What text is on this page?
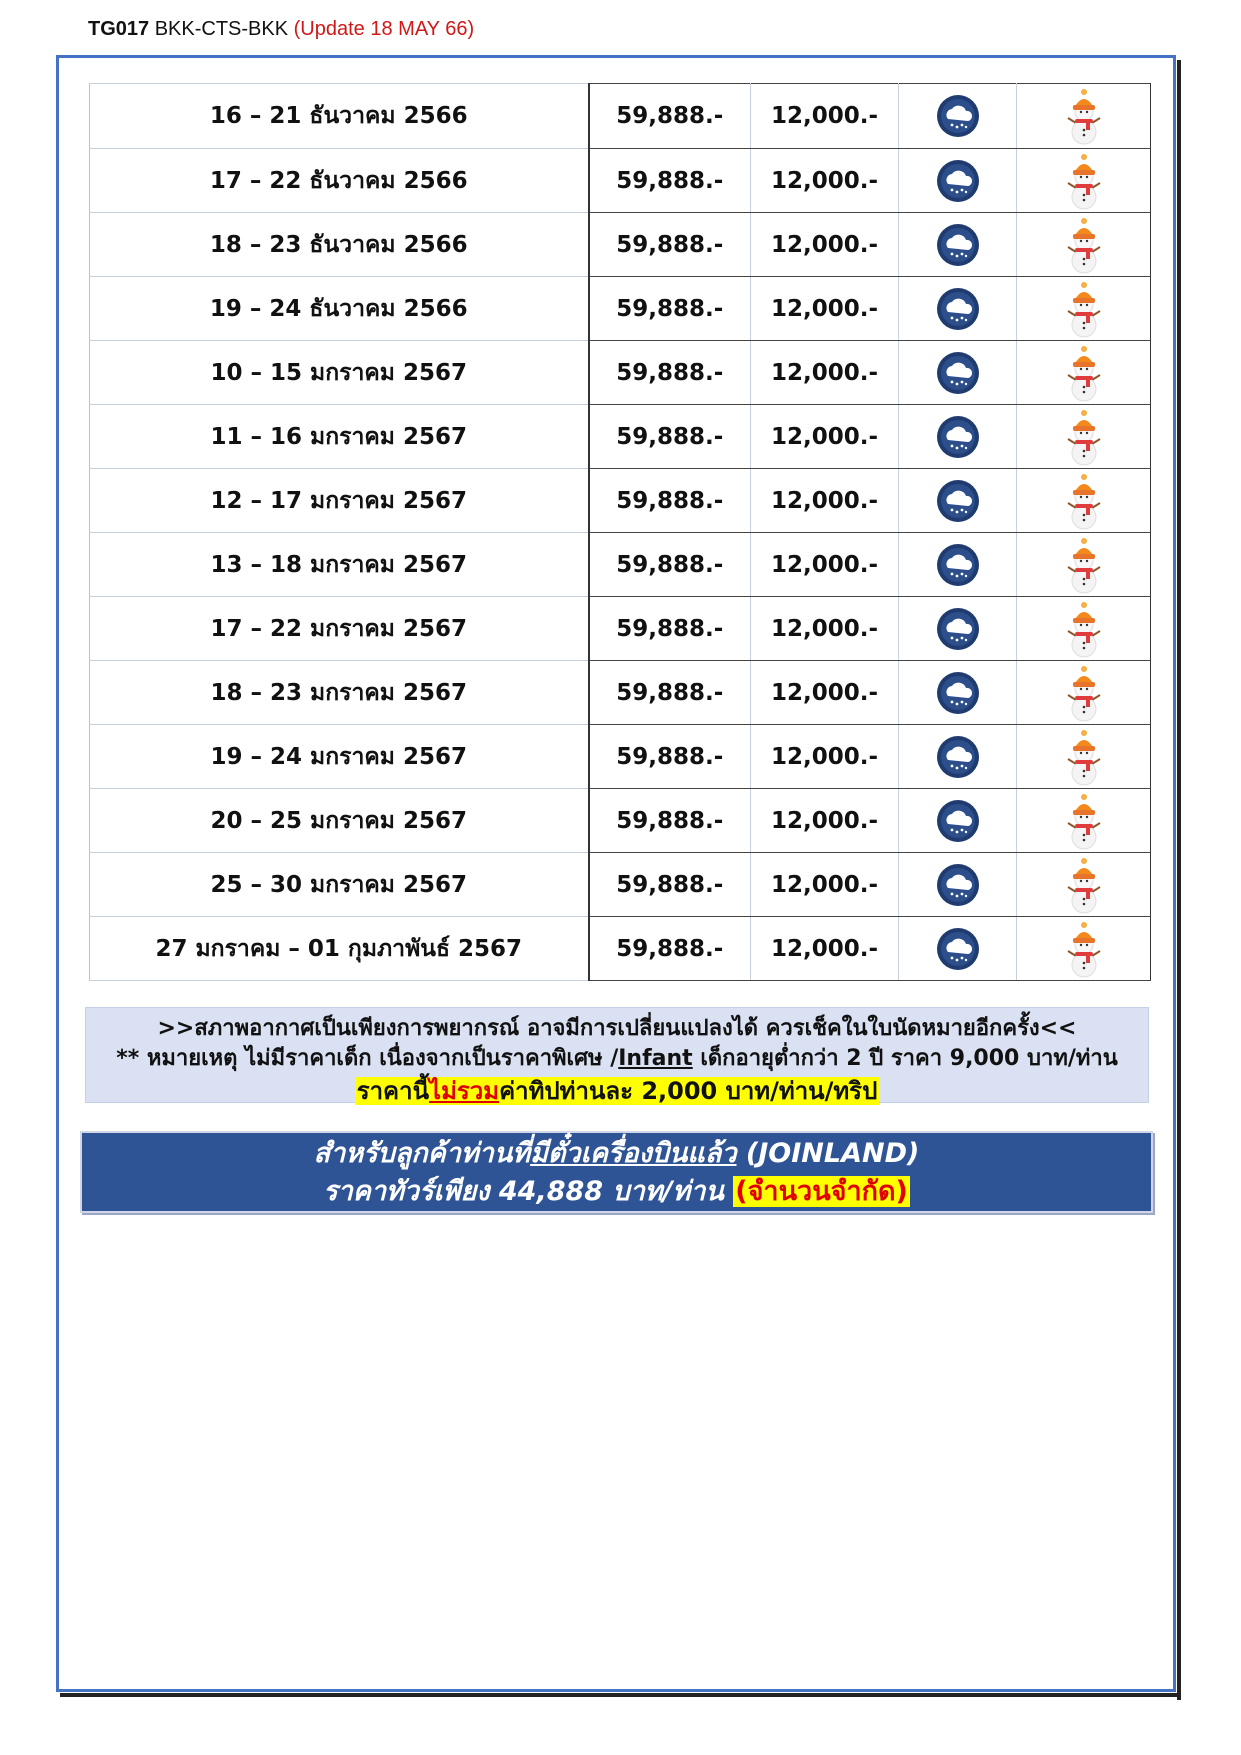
TG017 BKK-CTS-BKK (Update 18 MAY 66)
16 – 21 ธันวาคม 2566	59,888.-	12,000.-		
17 – 22 ธันวาคม 2566	59,888.-	12,000.-		
18 – 23 ธันวาคม 2566	59,888.-	12,000.-		
19 – 24 ธันวาคม 2566	59,888.-	12,000.-		
10 – 15 มกราคม 2567	59,888.-	12,000.-		
11 – 16 มกราคม 2567	59,888.-	12,000.-		
12 – 17 มกราคม 2567	59,888.-	12,000.-		
13 – 18 มกราคม 2567	59,888.-	12,000.-		
17 – 22 มกราคม 2567	59,888.-	12,000.-		
18 – 23 มกราคม 2567	59,888.-	12,000.-		
19 – 24 มกราคม 2567	59,888.-	12,000.-		
20 – 25 มกราคม 2567	59,888.-	12,000.-		
25 – 30 มกราคม 2567	59,888.-	12,000.-		
27 มกราคม – 01 กุมภาพันธ์ 2567	59,888.-	12,000.-		
>>สภาพอากาศเป็นเพียงการพยากรณ์ อาจมีการเปลี่ยนแปลงได้ ควรเช็คในใบนัดหมายอีกครั้ง<<
** หมายเหตุ ไม่มีราคาเด็ก เนื่องจากเป็นราคาพิเศษ /Infant เด็กอายุต่ำกว่า 2 ปี ราคา 9,000 บาท/ท่าน
ราคานี้ไม่รวมค่าทิปท่านละ 2,000 บาท/ท่าน/ทริป
สำหรับลูกค้าท่านที่มีตั๋วเครื่องบินแล้ว (JOINLAND)
ราคาทัวร์เพียง 44,888 บาท/ท่าน (จำนวนจำกัด)
